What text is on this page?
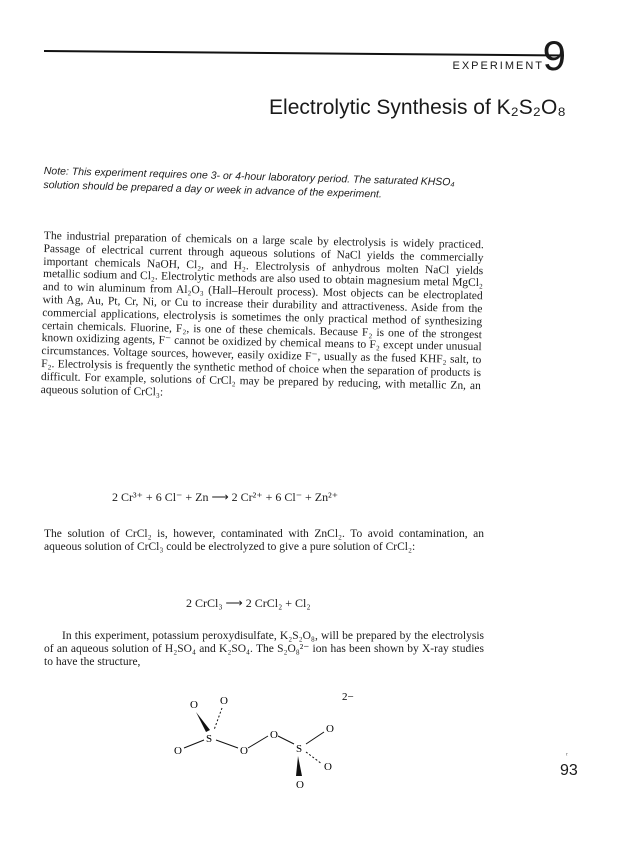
EXPERIMENT
9
Electrolytic Synthesis of K₂S₂O₈
Note: This experiment requires one 3- or 4-hour laboratory period. The saturated KHSO₄ solution should be prepared a day or week in advance of the experiment.

The industrial preparation of chemicals on a large scale by electrolysis is widely practiced. Passage of electrical current through aqueous solutions of NaCl yields the commercially important chemicals NaOH, Cl₂, and H₂. Electrolysis of anhydrous molten NaCl yields metallic sodium and Cl₂. Electrolytic methods are also used to obtain magnesium metal MgCl₂ and to win aluminum from Al₂O₃ (Hall–Heroult process). Most objects can be electroplated with Ag, Au, Pt, Cr, Ni, or Cu to increase their durability and attractiveness. Aside from the commercial applications, electrolysis is sometimes the only practical method of synthesizing certain chemicals. Fluorine, F₂, is one of these chemicals. Because F₂ is one of the strongest known oxidizing agents, F⁻ cannot be oxidized by chemical means to F₂ except under unusual circumstances. Voltage sources, however, easily oxidize F⁻, usually as the fused KHF₂ salt, to F₂. Electrolysis is frequently the synthetic method of choice when the separation of products is difficult. For example, solutions of CrCl₂ may be prepared by reducing, with metallic Zn, an aqueous solution of CrCl₃:

2 Cr³⁺ + 6 Cl⁻ + Zn ⟶ 2 Cr²⁺ + 6 Cl⁻ + Zn²⁺

The solution of CrCl₂ is, however, contaminated with ZnCl₂. To avoid contamination, an aqueous solution of CrCl₃ could be electrolyzed to give a pure solution of CrCl₂:

2 CrCl₃ ⟶ 2 CrCl₂ + Cl₂

In this experiment, potassium peroxydisulfate, K₂S₂O₈, will be prepared by the electrolysis of an aqueous solution of H₂SO₄ and K₂SO₄. The S₂O₈²⁻ ion has been shown by X-ray studies to have the structure,

2−
O O
S
O	O
O
S
O
O
O
ʳ
93
